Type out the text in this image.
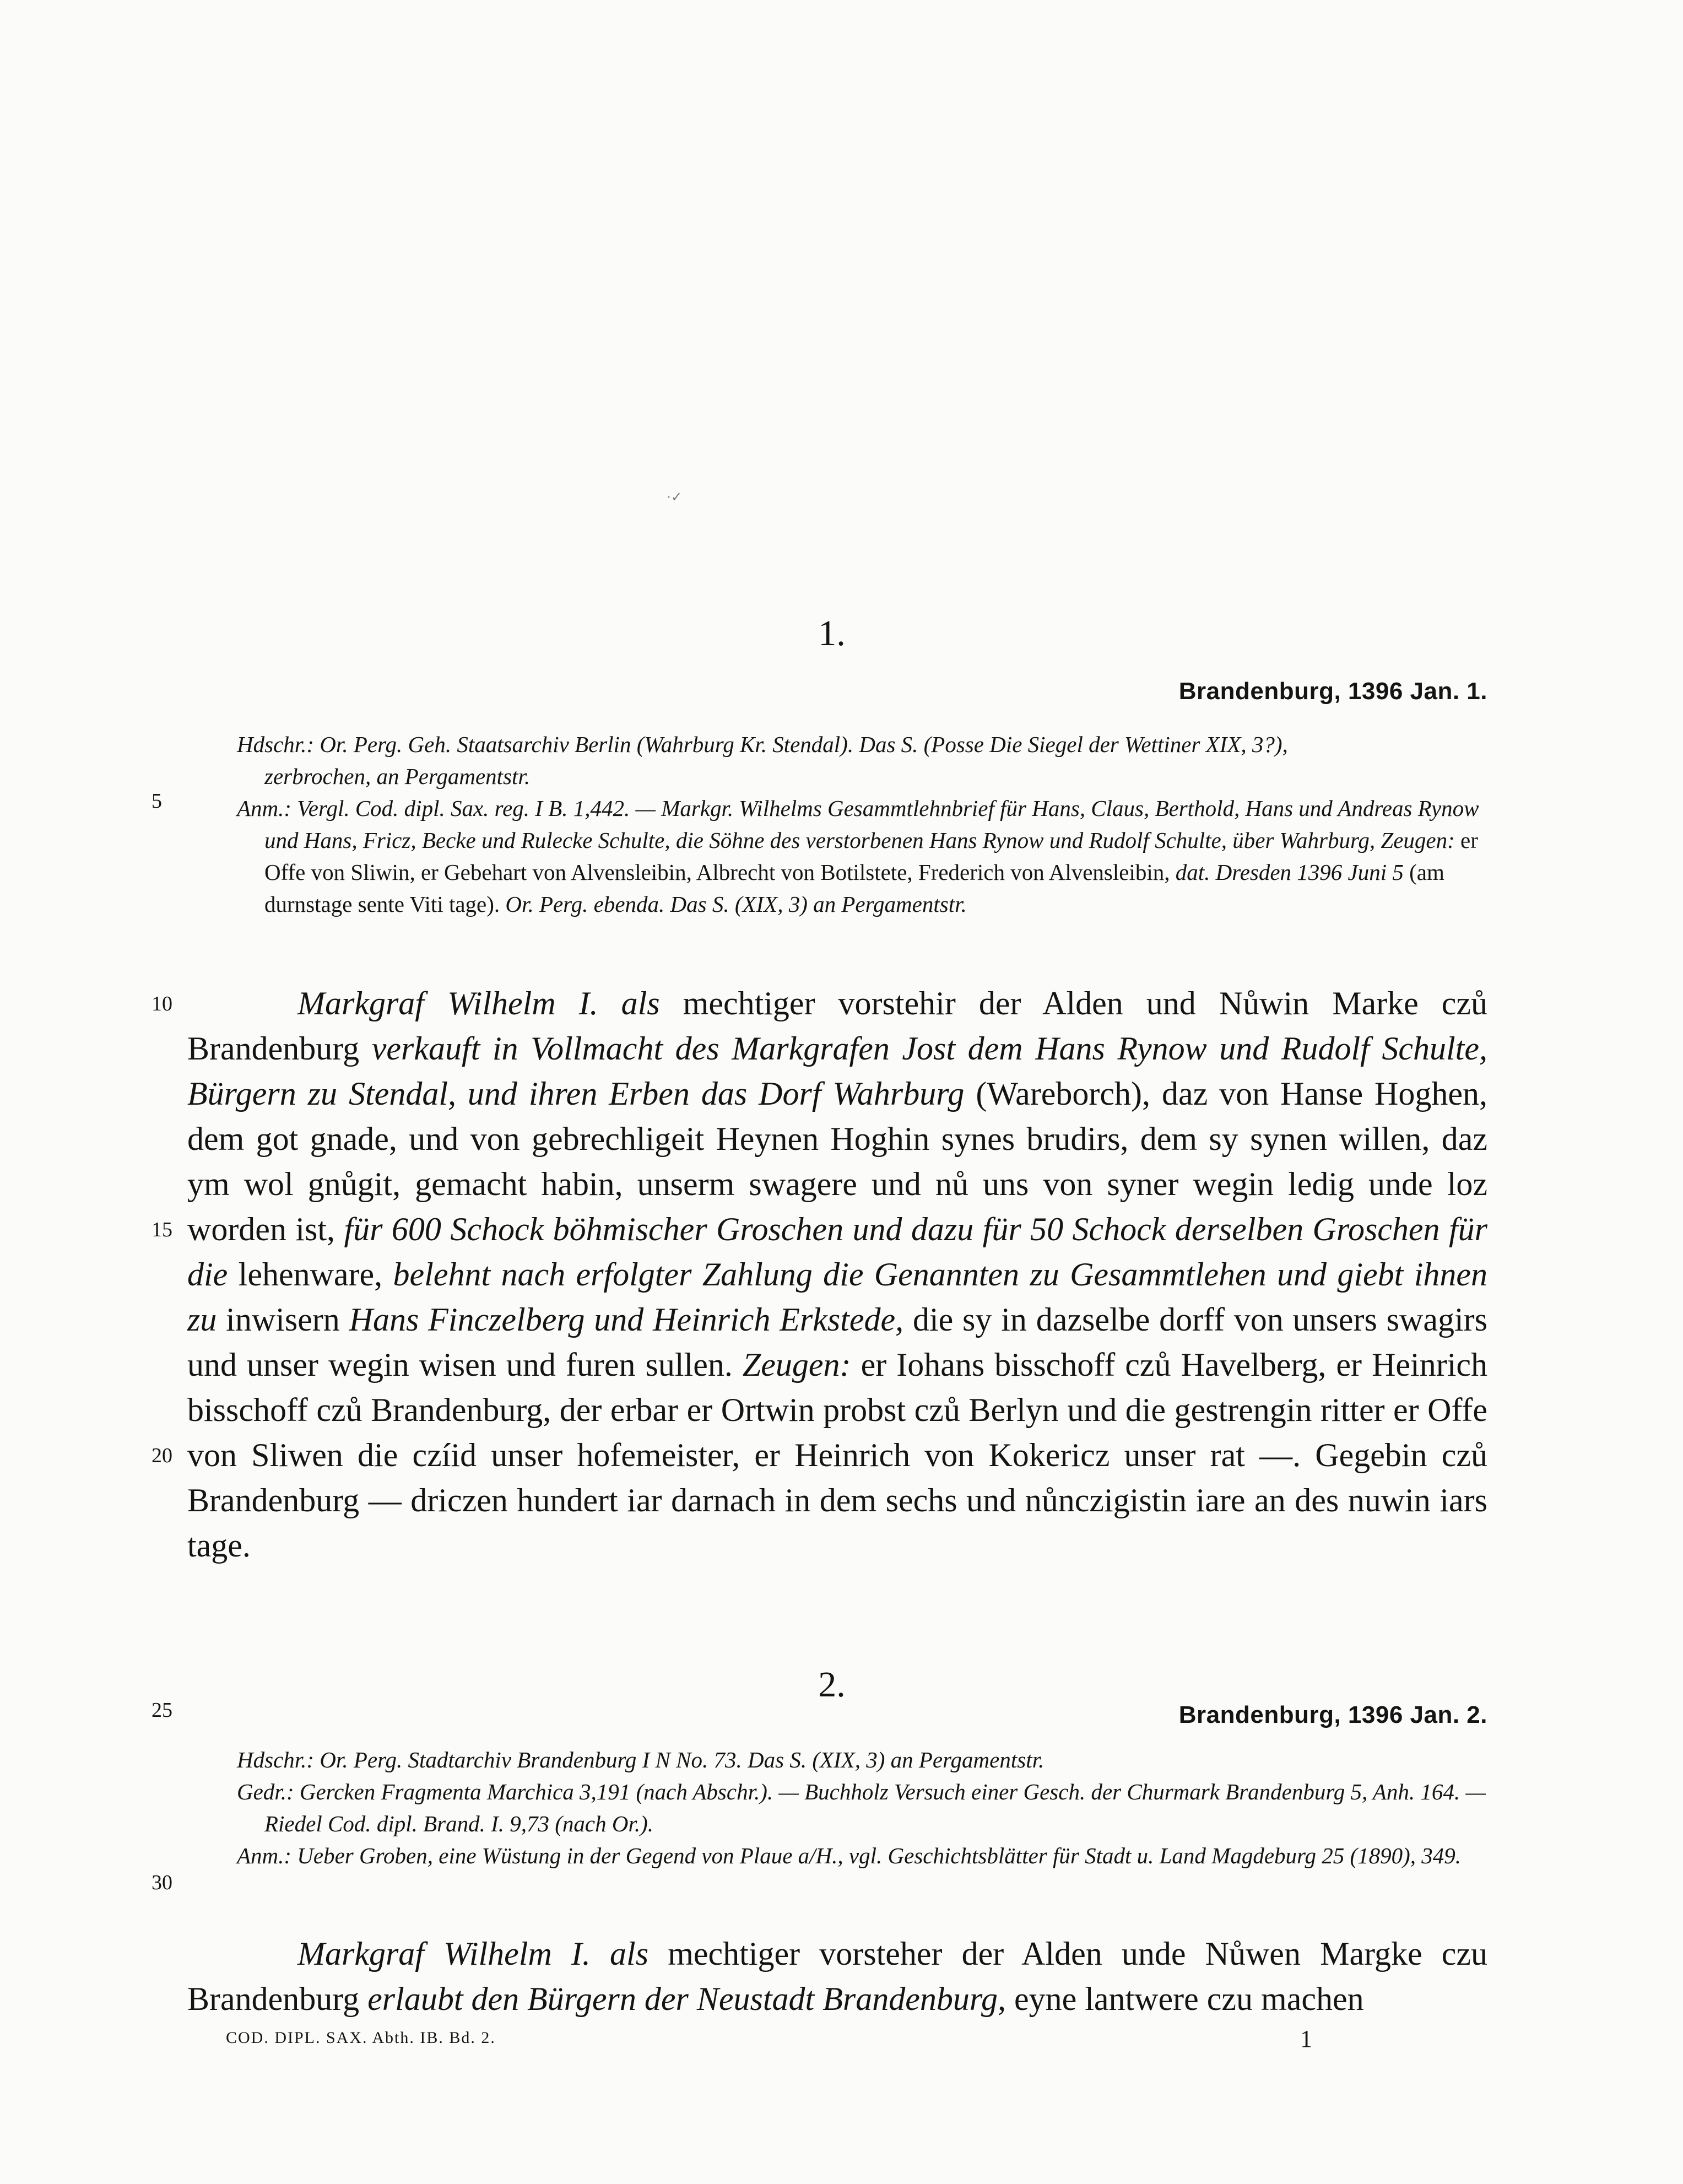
·✓
1.
Brandenburg, 1396 Jan. 1.

Hdschr.: Or. Perg. Geh. Staatsarchiv Berlin (Wahrburg Kr. Stendal). Das S. (Posse Die Siegel der Wettiner XIX, 3?),
zerbrochen, an Pergamentstr.

Anm.: Vergl. Cod. dipl. Sax. reg. I B. 1,442. — Markgr. Wilhelms Gesammtlehnbrief für Hans, Claus, Berthold, Hans und Andreas Rynow und Hans, Fricz, Becke und Rulecke Schulte, die Söhne des verstorbenen Hans Rynow und Rudolf Schulte, über Wahrburg, Zeugen: er Offe von Sliwin, er Gebehart von Alvensleibin, Albrecht von Botilstete, Frederich von Alvensleibin, dat. Dresden 1396 Juni 5 (am durnstage sente Viti tage). Or. Perg. ebenda. Das S. (XIX, 3) an Pergamentstr.

Markgraf Wilhelm I. als mechtiger vorstehir der Alden und Nůwin Marke czů Brandenburg verkauft in Vollmacht des Markgrafen Jost dem Hans Rynow und Rudolf Schulte, Bürgern zu Stendal, und ihren Erben das Dorf Wahrburg (Wareborch), daz von Hanse Hoghen, dem got gnade, und von gebrechligeit Heynen Hoghin synes brudirs, dem sy synen willen, daz ym wol gnůgit, gemacht habin, unserm swagere und nů uns von syner wegin ledig unde loz worden ist, für 600 Schock böhmischer Groschen und dazu für 50 Schock derselben Groschen für die lehenware, belehnt nach erfolgter Zahlung die Genannten zu Gesammtlehen und giebt ihnen zu inwisern Hans Finczelberg und Heinrich Erkstede, die sy in dazselbe dorff von unsers swagirs und unser wegin wisen und furen sullen. Zeugen: er Iohans bisschoff czů Havelberg, er Heinrich bisschoff czů Brandenburg, der erbar er Ortwin probst czů Berlyn und die gestrengin ritter er Offe von Sliwen die czíid unser hofemeister, er Heinrich von Kokericz unser rat —. Gegebin czů Brandenburg — driczen hundert iar darnach in dem sechs und nůnczigistin iare an des nuwin iars tage.

2.
Brandenburg, 1396 Jan. 2.

Hdschr.: Or. Perg. Stadtarchiv Brandenburg I N No. 73. Das S. (XIX, 3) an Pergamentstr.

Gedr.: Gercken Fragmenta Marchica 3,191 (nach Abschr.). — Buchholz Versuch einer Gesch. der Churmark Brandenburg 5, Anh. 164. — Riedel Cod. dipl. Brand. I. 9,73 (nach Or.).

Anm.: Ueber Groben, eine Wüstung in der Gegend von Plaue a/H., vgl. Geschichtsblätter für Stadt u. Land Magdeburg 25 (1890), 349.

Markgraf Wilhelm I. als mechtiger vorsteher der Alden unde Nůwen Margke czu Brandenburg erlaubt den Bürgern der Neustadt Brandenburg, eyne lantwere czu machen

5
10
15
20
25
30
COD. DIPL. SAX. Abth. IB. Bd. 2.	1
